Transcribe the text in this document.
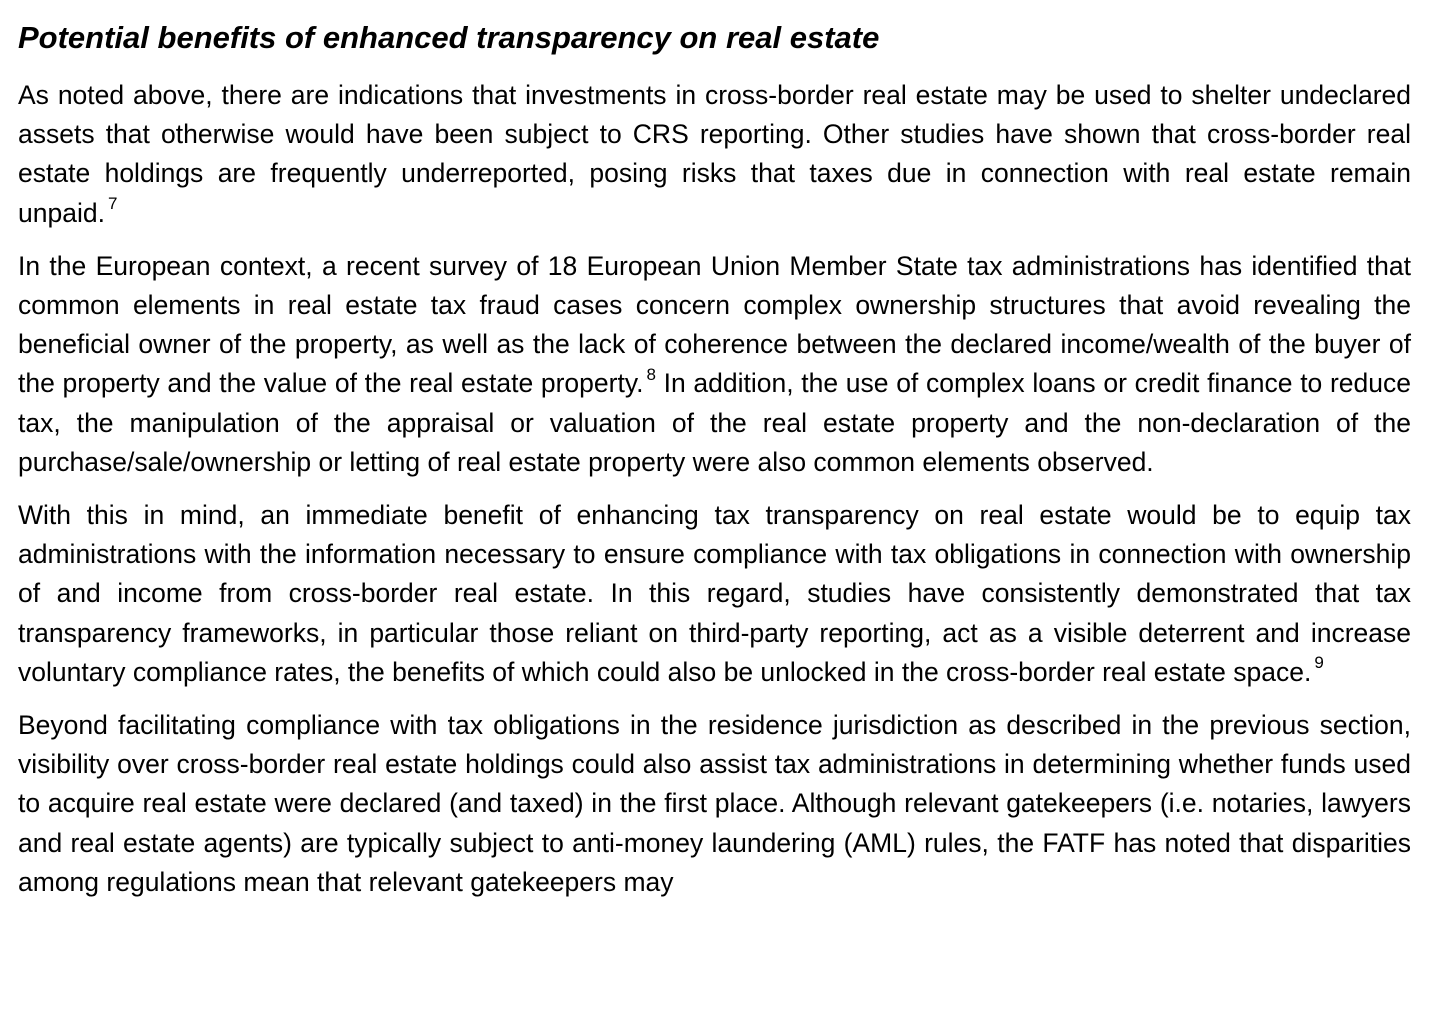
Potential benefits of enhanced transparency on real estate

As noted above, there are indications that investments in cross-border real estate may be used to shelter undeclared assets that otherwise would have been subject to CRS reporting. Other studies have shown that cross-border real estate holdings are frequently underreported, posing risks that taxes due in connection with real estate remain unpaid. $^7$

In the European context, a recent survey of 18 European Union Member State tax administrations has identified that common elements in real estate tax fraud cases concern complex ownership structures that avoid revealing the beneficial owner of the property, as well as the lack of coherence between the declared income/wealth of the buyer of the property and the value of the real estate property. $^8$ In addition, the use of complex loans or credit finance to reduce tax, the manipulation of the appraisal or valuation of the real estate property and the non-declaration of the purchase/sale/ownership or letting of real estate property were also common elements observed.

With this in mind, an immediate benefit of enhancing tax transparency on real estate would be to equip tax administrations with the information necessary to ensure compliance with tax obligations in connection with ownership of and income from cross-border real estate. In this regard, studies have consistently demonstrated that tax transparency frameworks, in particular those reliant on third-party reporting, act as a visible deterrent and increase voluntary compliance rates, the benefits of which could also be unlocked in the cross-border real estate space. $^9$

Beyond facilitating compliance with tax obligations in the residence jurisdiction as described in the previous section, visibility over cross-border real estate holdings could also assist tax administrations in determining whether funds used to acquire real estate were declared (and taxed) in the first place. Although relevant gatekeepers (i.e. notaries, lawyers and real estate agents) are typically subject to anti-money laundering (AML) rules, the FATF has noted that disparities among regulations mean that relevant gatekeepers may
